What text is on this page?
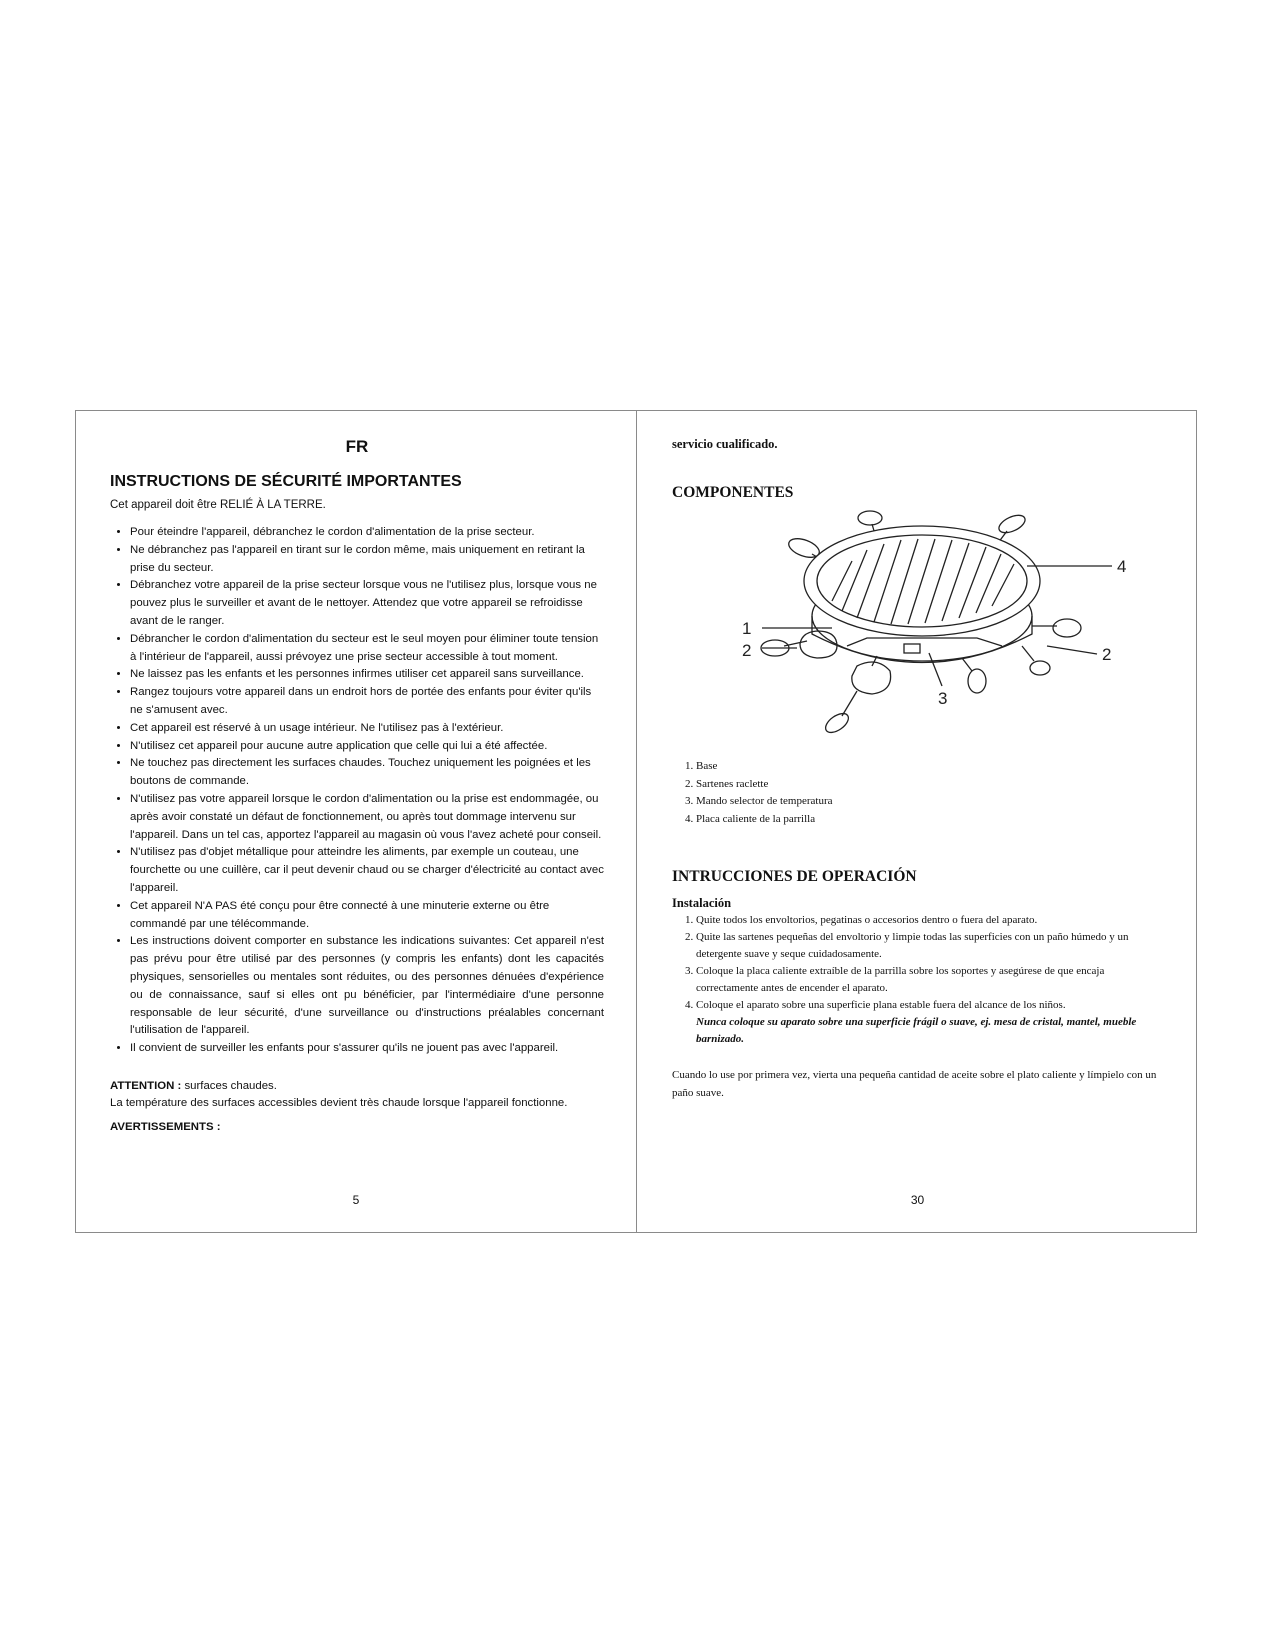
FR
INSTRUCTIONS DE SÉCURITÉ IMPORTANTES
Cet appareil doit être RELIÉ À LA TERRE.
• Pour éteindre l'appareil, débranchez le cordon d'alimentation de la prise secteur.
• Ne débranchez pas l'appareil en tirant sur le cordon même, mais uniquement en retirant la prise du secteur.
• Débranchez votre appareil de la prise secteur lorsque vous ne l'utilisez plus, lorsque vous ne pouvez plus le surveiller et avant de le nettoyer. Attendez que votre appareil se refroidisse avant de le ranger.
• Débrancher le cordon d'alimentation du secteur est le seul moyen pour éliminer toute tension à l'intérieur de l'appareil, aussi prévoyez une prise secteur accessible à tout moment.
• Ne laissez pas les enfants et les personnes infirmes utiliser cet appareil sans surveillance.
• Rangez toujours votre appareil dans un endroit hors de portée des enfants pour éviter qu'ils ne s'amusent avec.
• Cet appareil est réservé à un usage intérieur. Ne l'utilisez pas à l'extérieur.
• N'utilisez cet appareil pour aucune autre application que celle qui lui a été affectée.
• Ne touchez pas directement les surfaces chaudes. Touchez uniquement les poignées et les boutons de commande.
• N'utilisez pas votre appareil lorsque le cordon d'alimentation ou la prise est endommagée, ou après avoir constaté un défaut de fonctionnement, ou après tout dommage intervenu sur l'appareil. Dans un tel cas, apportez l'appareil au magasin où vous l'avez acheté pour conseil.
• N'utilisez pas d'objet métallique pour atteindre les aliments, par exemple un couteau, une fourchette ou une cuillère, car il peut devenir chaud ou se charger d'électricité au contact avec l'appareil.
• Cet appareil N'A PAS été conçu pour être connecté à une minuterie externe ou être commandé par une télécommande.
• Les instructions doivent comporter en substance les indications suivantes: Cet appareil n'est pas prévu pour être utilisé par des personnes (y compris les enfants) dont les capacités physiques, sensorielles ou mentales sont réduites, ou des personnes dénuées d'expérience ou de connaissance, sauf si elles ont pu bénéficier, par l'intermédiaire d'une personne responsable de leur sécurité, d'une surveillance ou d'instructions préalables concernant l'utilisation de l'appareil.
• Il convient de surveiller les enfants pour s'assurer qu'ils ne jouent pas avec l'appareil.
ATTENTION : surfaces chaudes.
La température des surfaces accessibles devient très chaude lorsque l'appareil fonctionne.
AVERTISSEMENTS :
5
servicio cualificado.
COMPONENTES
4
1
2	2
3
1. Base
2. Sartenes raclette
3. Mando selector de temperatura
4. Placa caliente de la parrilla
INTRUCCIONES DE OPERACIÓN
Instalación
1. Quite todos los envoltorios, pegatinas o accesorios dentro o fuera del aparato.
2. Quite las sartenes pequeñas del envoltorio y limpie todas las superficies con un paño húmedo y un detergente suave y seque cuidadosamente.
3. Coloque la placa caliente extraíble de la parrilla sobre los soportes y asegúrese de que encaja correctamente antes de encender el aparato.
4. Coloque el aparato sobre una superficie plana estable fuera del alcance de los niños.
Nunca coloque su aparato sobre una superficie frágil o suave, ej. mesa de cristal, mantel, mueble barnizado.
Cuando lo use por primera vez, vierta una pequeña cantidad de aceite sobre el plato caliente y límpielo con un paño suave.
30
